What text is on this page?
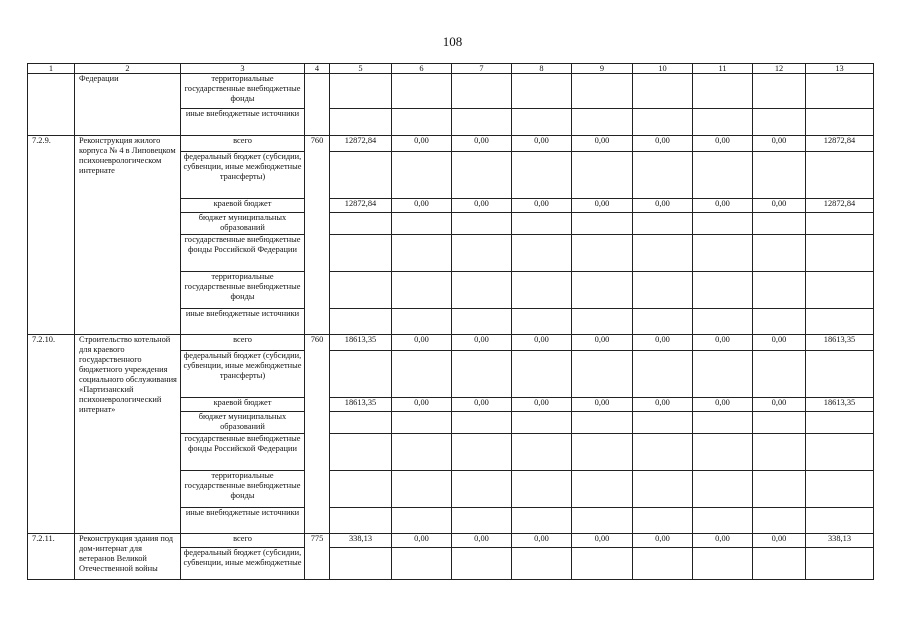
108
1	2	3	4	5	6	7	8	9	10	11	12	13
	Федерации	территориальные государственные внебюджетные фонды										
		иные внебюджетные источники										
7.2.9.	Реконструкция жилого корпуса № 4 в Липовецком психоневрологическом интернате	всего	760	12872,84	0,00	0,00	0,00	0,00	0,00	0,00	0,00	12872,84
		федеральный бюджет (субсидии, субвенции, иные межбюджетные трансферты)										
		краевой бюджет		12872,84	0,00	0,00	0,00	0,00	0,00	0,00	0,00	12872,84
		бюджет муниципальных образований										
		государственные внебюджетные фонды Российской Федерации										
		территориальные государственные внебюджетные фонды										
		иные внебюджетные источники										
7.2.10.	Строительство котельной для краевого государственного бюджетного учреждения социального обслуживания «Партизанский психоневрологический интернат»	всего	760	18613,35	0,00	0,00	0,00	0,00	0,00	0,00	0,00	18613,35
		федеральный бюджет (субсидии, субвенции, иные межбюджетные трансферты)										
		краевой бюджет		18613,35	0,00	0,00	0,00	0,00	0,00	0,00	0,00	18613,35
		бюджет муниципальных образований										
		государственные внебюджетные фонды Российской Федерации										
		территориальные государственные внебюджетные фонды										
		иные внебюджетные источники										
7.2.11.	Реконструкция здания под дом-интернат для ветеранов Великой Отечественной войны	всего	775	338,13	0,00	0,00	0,00	0,00	0,00	0,00	0,00	338,13
		федеральный бюджет (субсидии, субвенции, иные межбюджетные										
